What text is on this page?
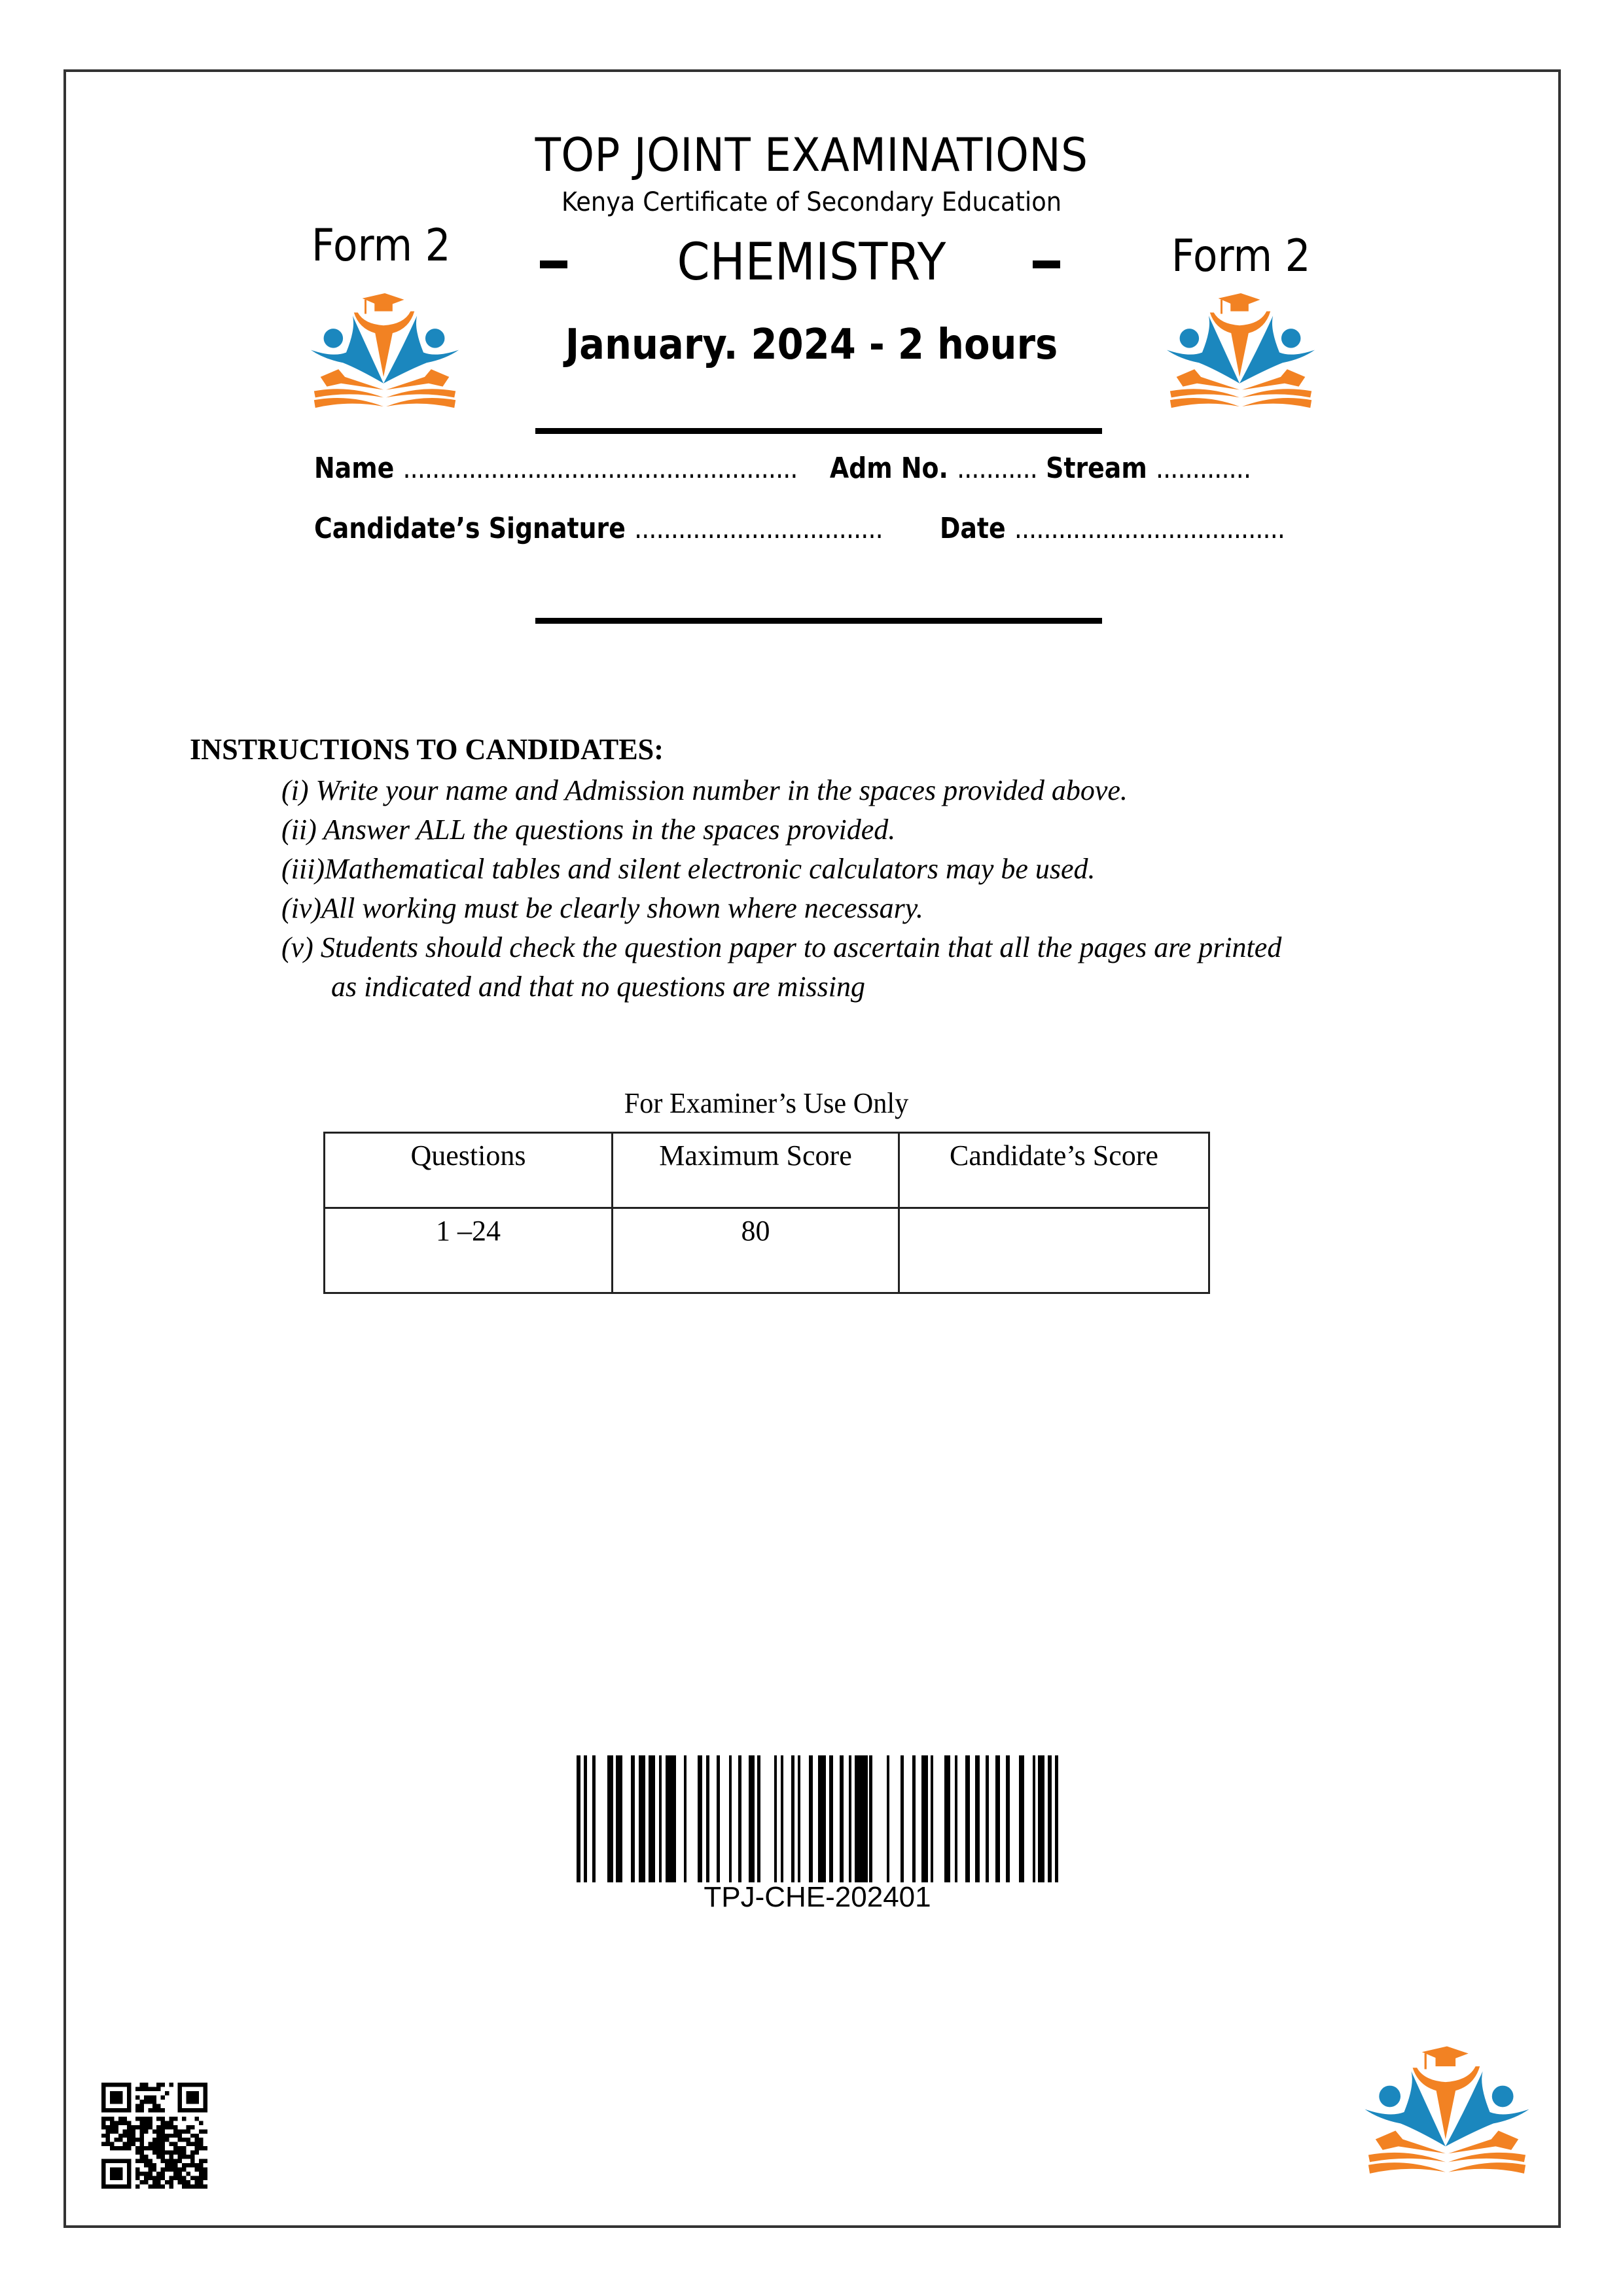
TOP JOINT EXAMINATIONS
Kenya Certificate of Secondary Education
Form 2	Form 2
CHEMISTRY
January. 2024 - 2 hours
Name ...................................................... Adm No. ........... Stream .............
Candidate’s Signature .................................. Date .....................................
INSTRUCTIONS TO CANDIDATES:
(i) Write your name and Admission number in the spaces provided above.
(ii) Answer ALL the questions in the spaces provided.
(iii)Mathematical tables and silent electronic calculators may be used.
(iv)All working must be clearly shown where necessary.
(v) Students should check the question paper to ascertain that all the pages are printed
as indicated and that no questions are missing
For Examiner’s Use Only
Questions	Maximum Score	Candidate’s Score
1 –24	80	
TPJ-CHE-202401
